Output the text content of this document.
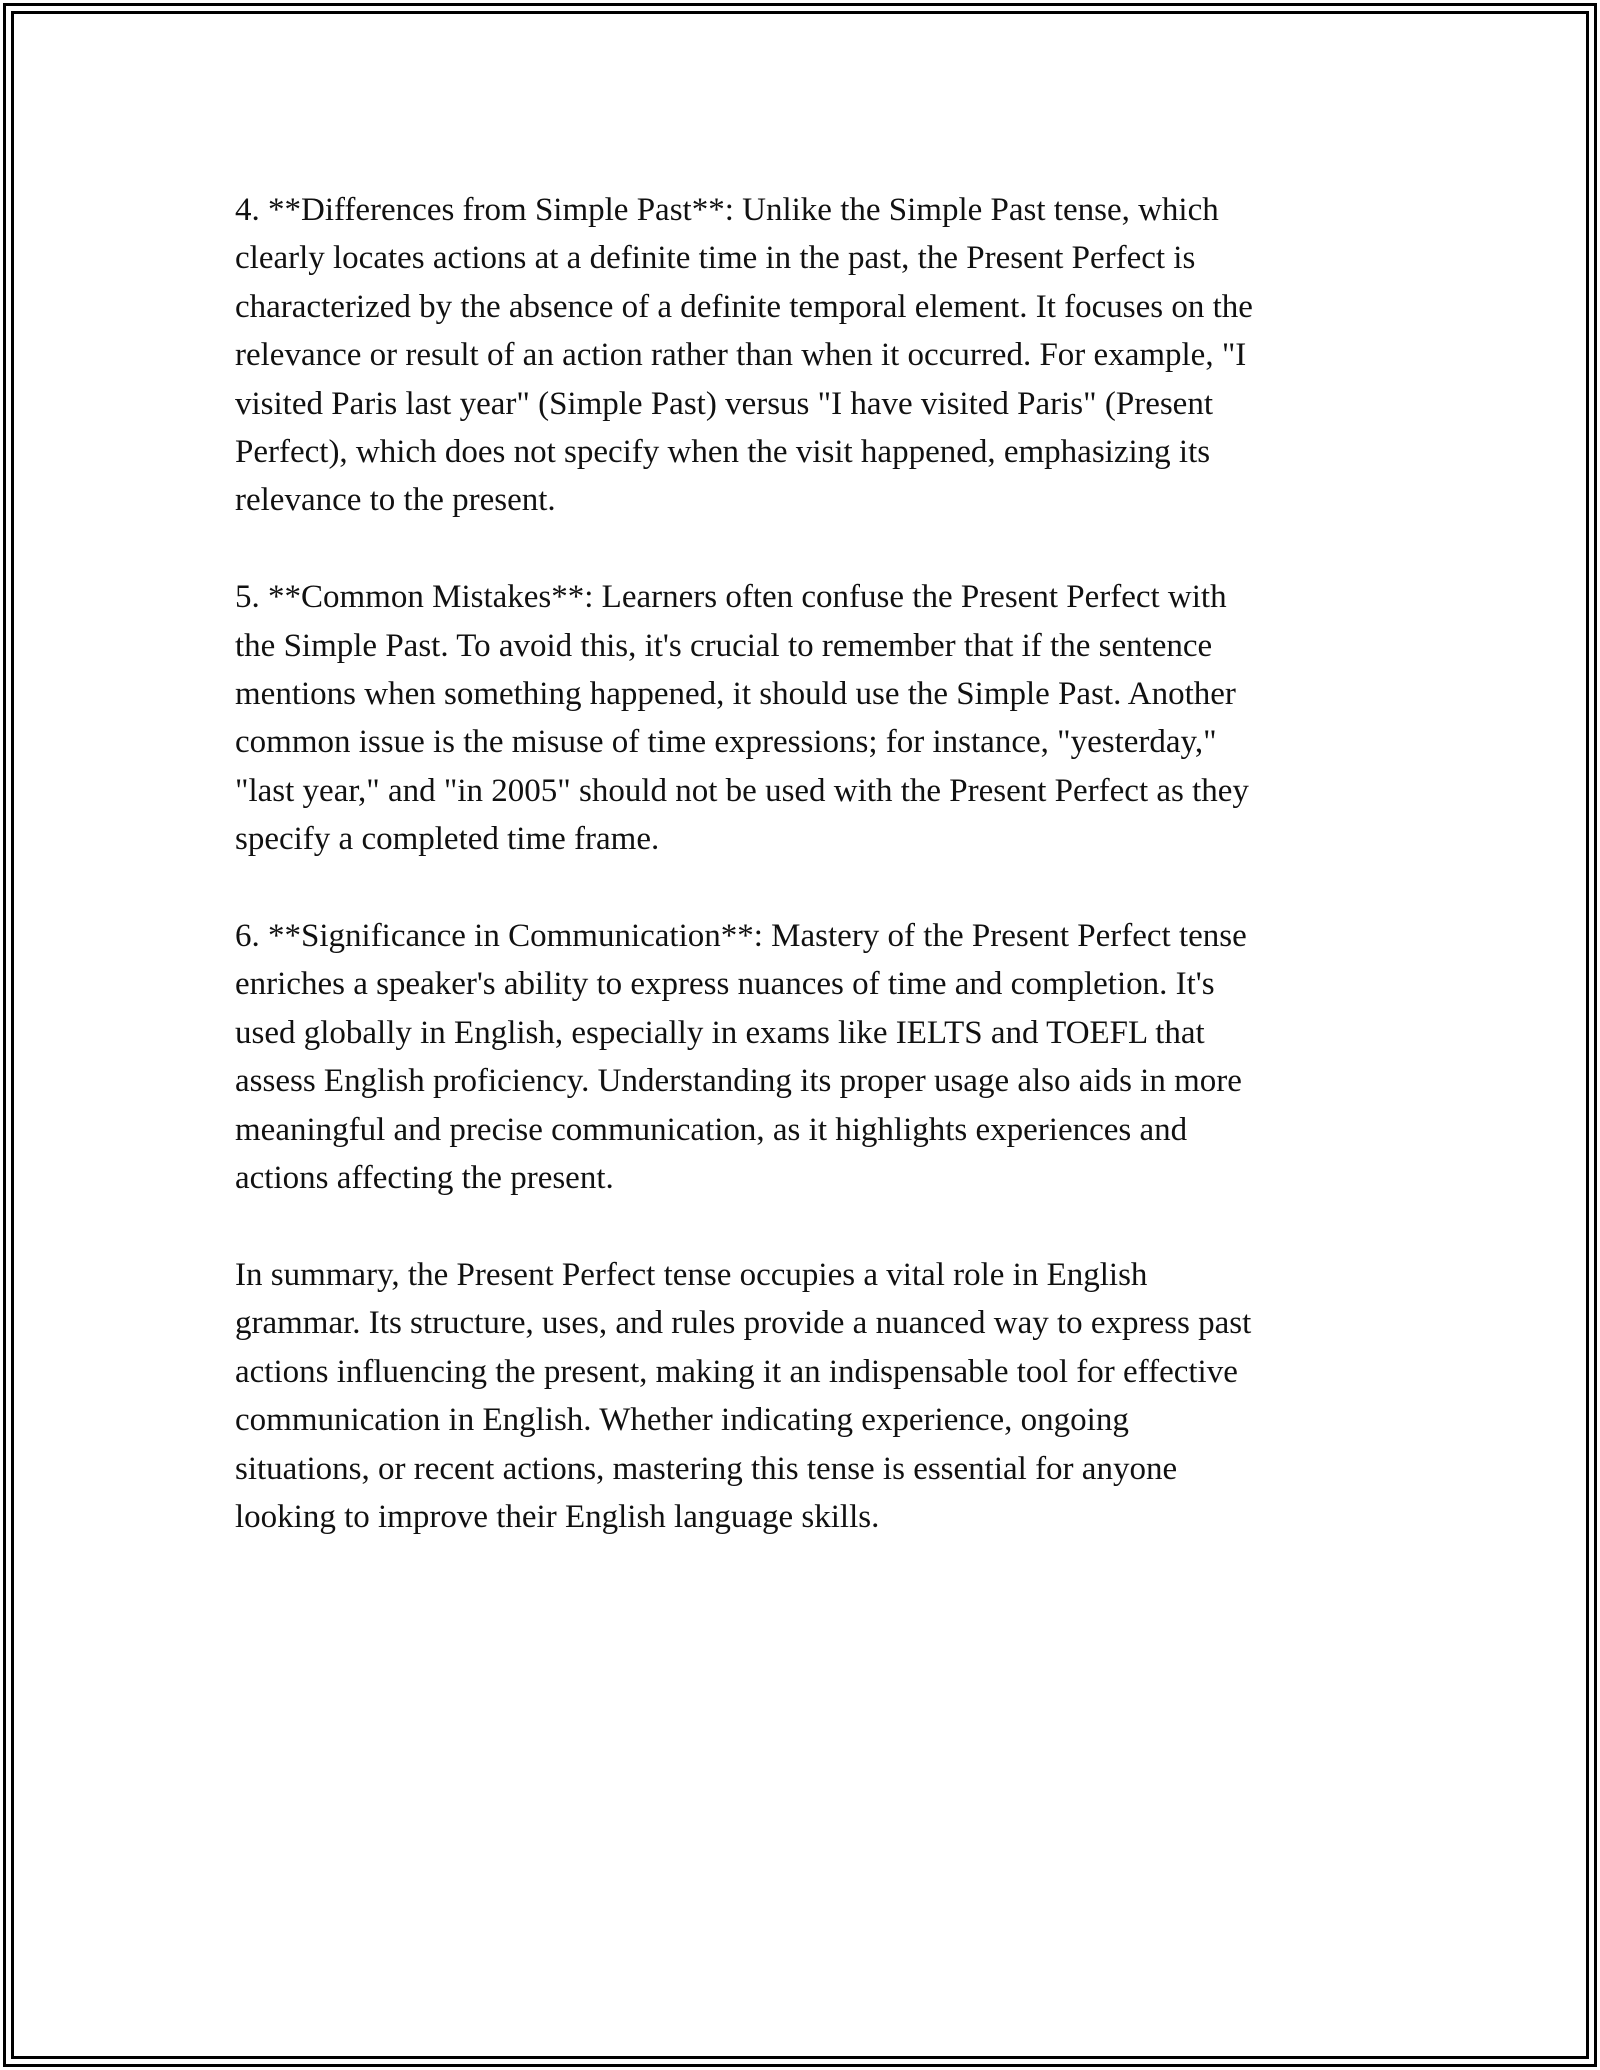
4. **Differences from Simple Past**: Unlike the Simple Past tense, which
clearly locates actions at a definite time in the past, the Present Perfect is
characterized by the absence of a definite temporal element. It focuses on the
relevance or result of an action rather than when it occurred. For example, "I
visited Paris last year" (Simple Past) versus "I have visited Paris" (Present
Perfect), which does not specify when the visit happened, emphasizing its
relevance to the present.

5. **Common Mistakes**: Learners often confuse the Present Perfect with
the Simple Past. To avoid this, it's crucial to remember that if the sentence
mentions when something happened, it should use the Simple Past. Another
common issue is the misuse of time expressions; for instance, "yesterday,"
"last year," and "in 2005" should not be used with the Present Perfect as they
specify a completed time frame.

6. **Significance in Communication**: Mastery of the Present Perfect tense
enriches a speaker's ability to express nuances of time and completion. It's
used globally in English, especially in exams like IELTS and TOEFL that
assess English proficiency. Understanding its proper usage also aids in more
meaningful and precise communication, as it highlights experiences and
actions affecting the present.

In summary, the Present Perfect tense occupies a vital role in English
grammar. Its structure, uses, and rules provide a nuanced way to express past
actions influencing the present, making it an indispensable tool for effective
communication in English. Whether indicating experience, ongoing
situations, or recent actions, mastering this tense is essential for anyone
looking to improve their English language skills.
